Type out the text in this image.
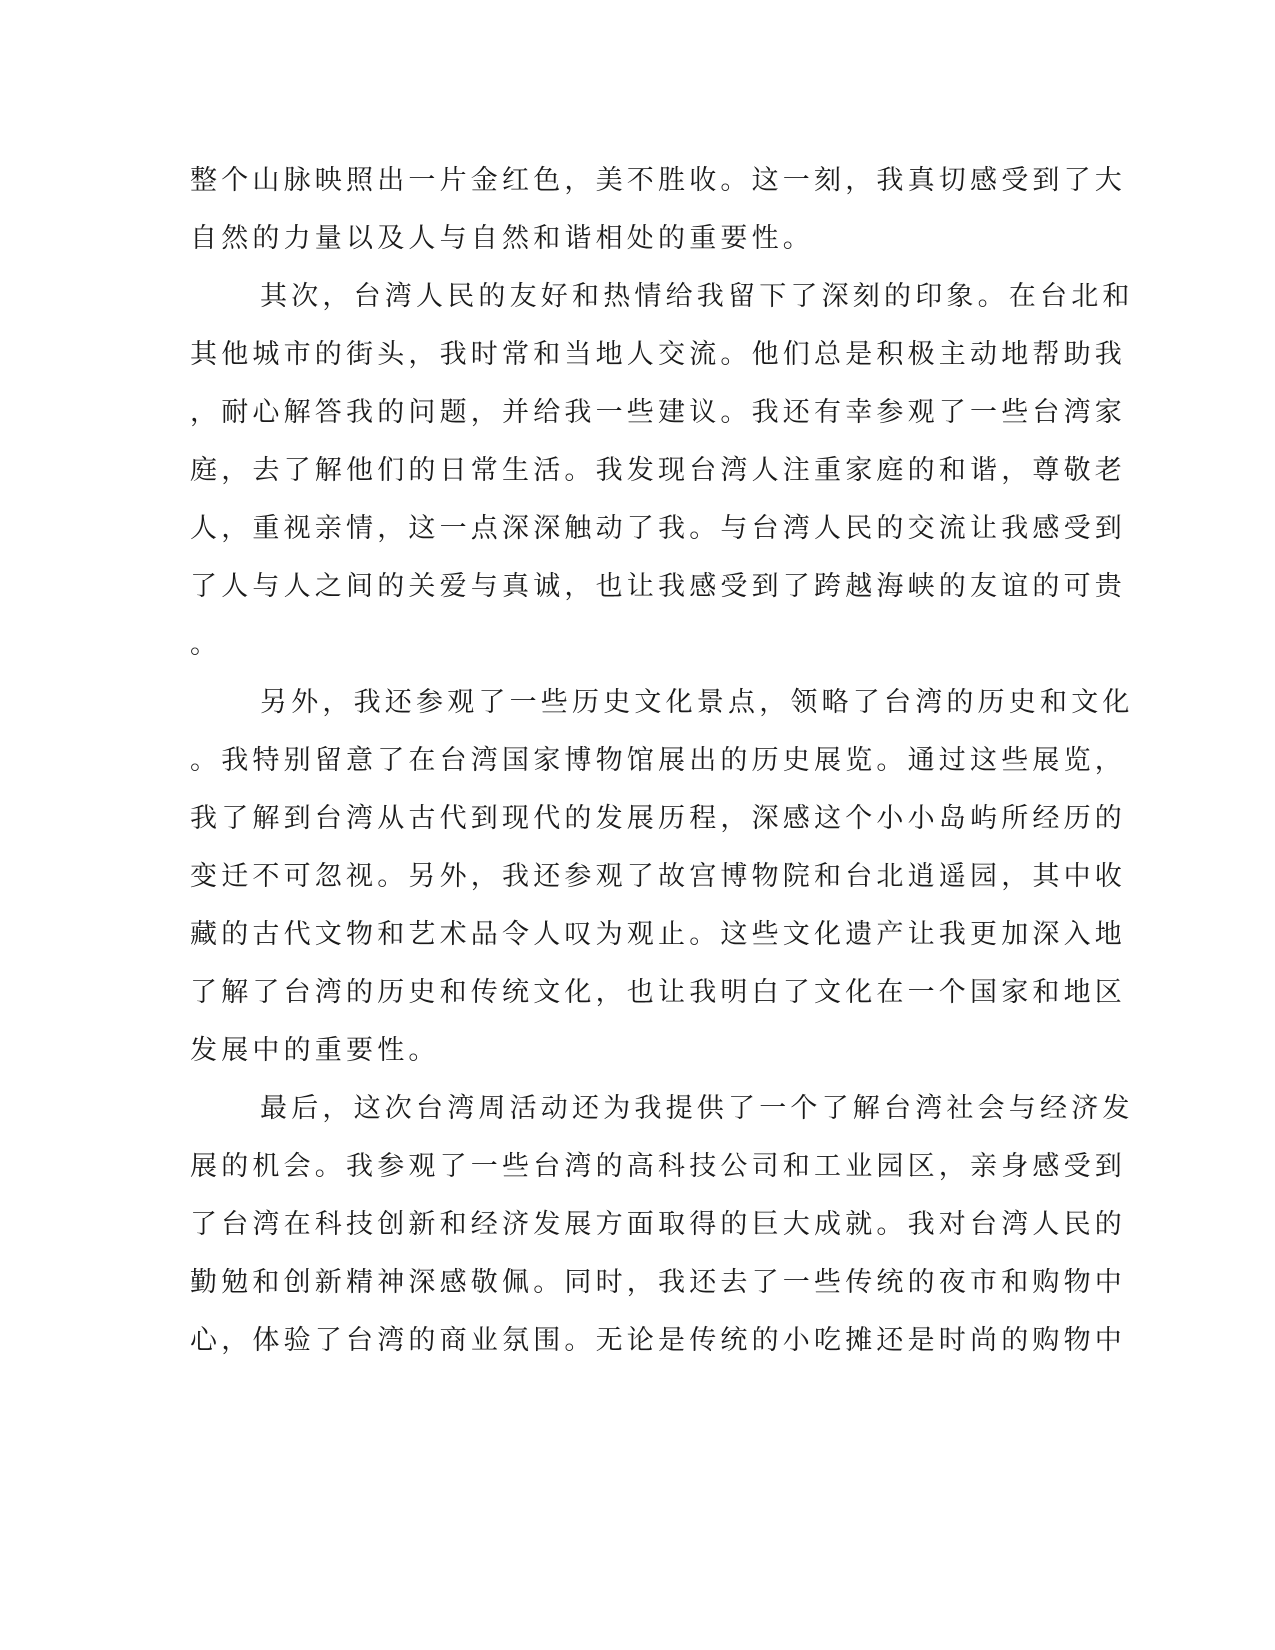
整个山脉映照出一片金红色，美不胜收。这一刻，我真切感受到了大
自然的力量以及人与自然和谐相处的重要性。
其次，台湾人民的友好和热情给我留下了深刻的印象。在台北和
其他城市的街头，我时常和当地人交流。他们总是积极主动地帮助我
，耐心解答我的问题，并给我一些建议。我还有幸参观了一些台湾家
庭，去了解他们的日常生活。我发现台湾人注重家庭的和谐，尊敬老
人，重视亲情，这一点深深触动了我。与台湾人民的交流让我感受到
了人与人之间的关爱与真诚，也让我感受到了跨越海峡的友谊的可贵
。
另外，我还参观了一些历史文化景点，领略了台湾的历史和文化
。我特别留意了在台湾国家博物馆展出的历史展览。通过这些展览，
我了解到台湾从古代到现代的发展历程，深感这个小小岛屿所经历的
变迁不可忽视。另外，我还参观了故宫博物院和台北逍遥园，其中收
藏的古代文物和艺术品令人叹为观止。这些文化遗产让我更加深入地
了解了台湾的历史和传统文化，也让我明白了文化在一个国家和地区
发展中的重要性。
最后，这次台湾周活动还为我提供了一个了解台湾社会与经济发
展的机会。我参观了一些台湾的高科技公司和工业园区，亲身感受到
了台湾在科技创新和经济发展方面取得的巨大成就。我对台湾人民的
勤勉和创新精神深感敬佩。同时，我还去了一些传统的夜市和购物中
心，体验了台湾的商业氛围。无论是传统的小吃摊还是时尚的购物中
